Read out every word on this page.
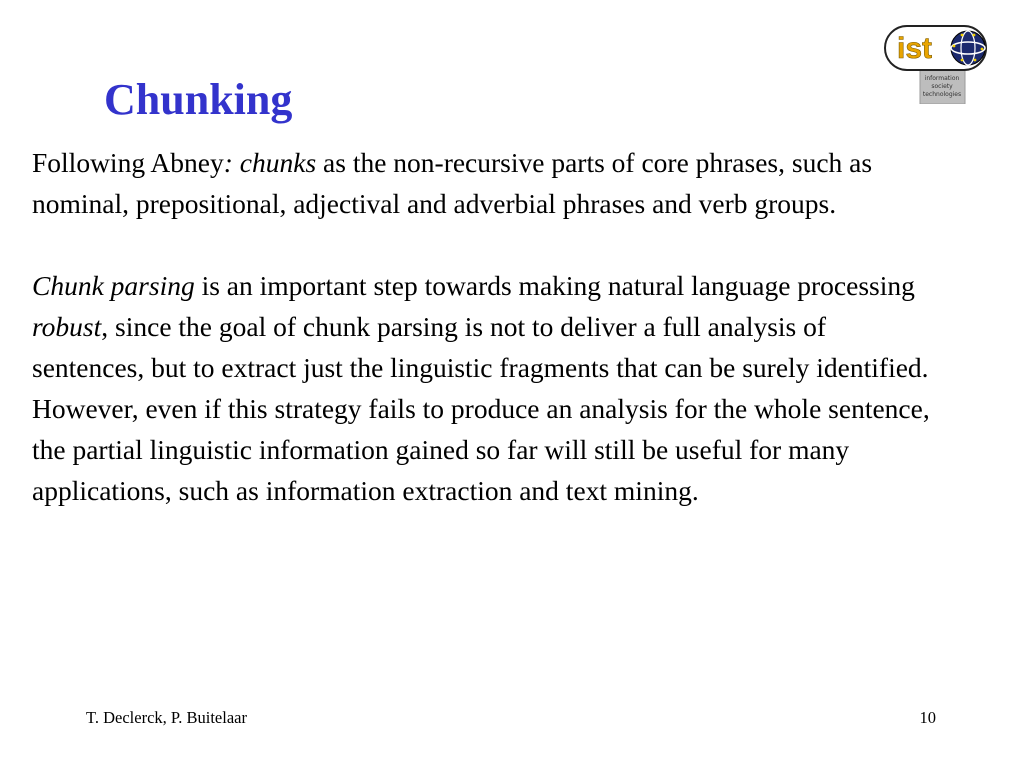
Chunking
ist
information
society
technologies

Following Abney: chunks as the non-recursive parts of core phrases, such as nominal, prepositional, adjectival and adverbial phrases and verb groups.

Chunk parsing is an important step towards making natural language processing robust, since the goal of chunk parsing is not to deliver a full analysis of sentences, but to extract just the linguistic fragments that can be surely identified. However, even if this strategy fails to produce an analysis for the whole sentence, the partial linguistic information gained so far will still be useful for many applications, such as information extraction and text mining.

T. Declerck, P. Buitelaar	10
